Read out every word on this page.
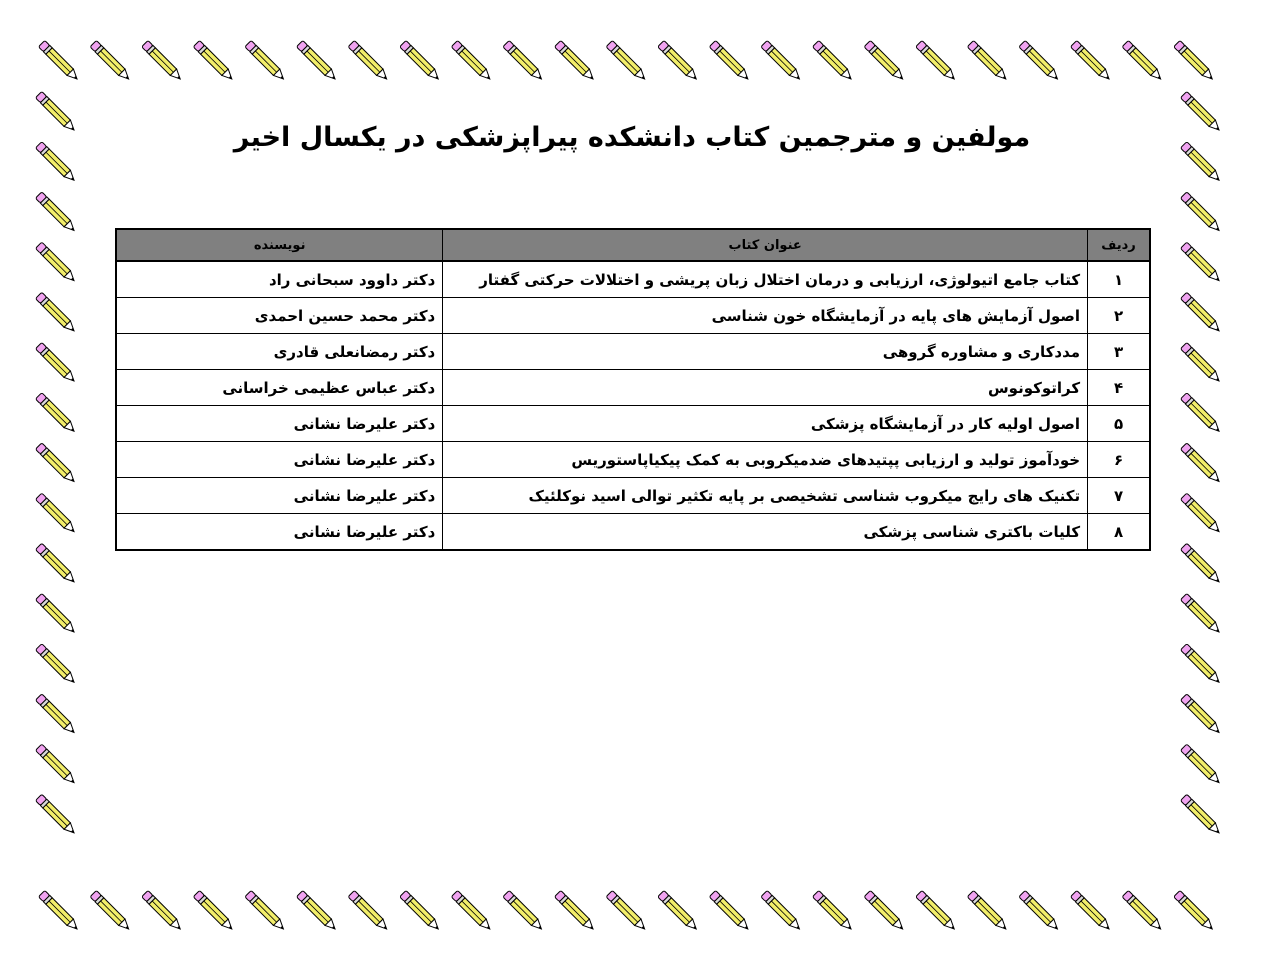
مولفین و مترجمین کتاب دانشکده پیراپزشکی در یکسال اخیر
ردیف	عنوان کتاب	نویسنده
۱	کتاب جامع اتیولوژی، ارزیابی و درمان اختلال زبان پریشی و اختلالات حرکتی گفتار	دکتر داوود سبحانی راد
۲	اصول آزمایش های پایه در آزمایشگاه خون شناسی	دکتر محمد حسین احمدی
۳	مددکاری و مشاوره گروهی	دکتر رمضانعلی قادری
۴	کراتوکونوس	دکتر عباس عظیمی خراسانی
۵	اصول اولیه کار در آزمایشگاه پزشکی	دکتر علیرضا نشانی
۶	خودآموز تولید و ارزیابی پپتیدهای ضدمیکروبی به کمک پیکیاپاستوریس	دکتر علیرضا نشانی
۷	تکنیک های رایج میکروب شناسی تشخیصی بر پایه تکثیر توالی اسید نوکلئیک	دکتر علیرضا نشانی
۸	کلیات باکتری شناسی پزشکی	دکتر علیرضا نشانی
